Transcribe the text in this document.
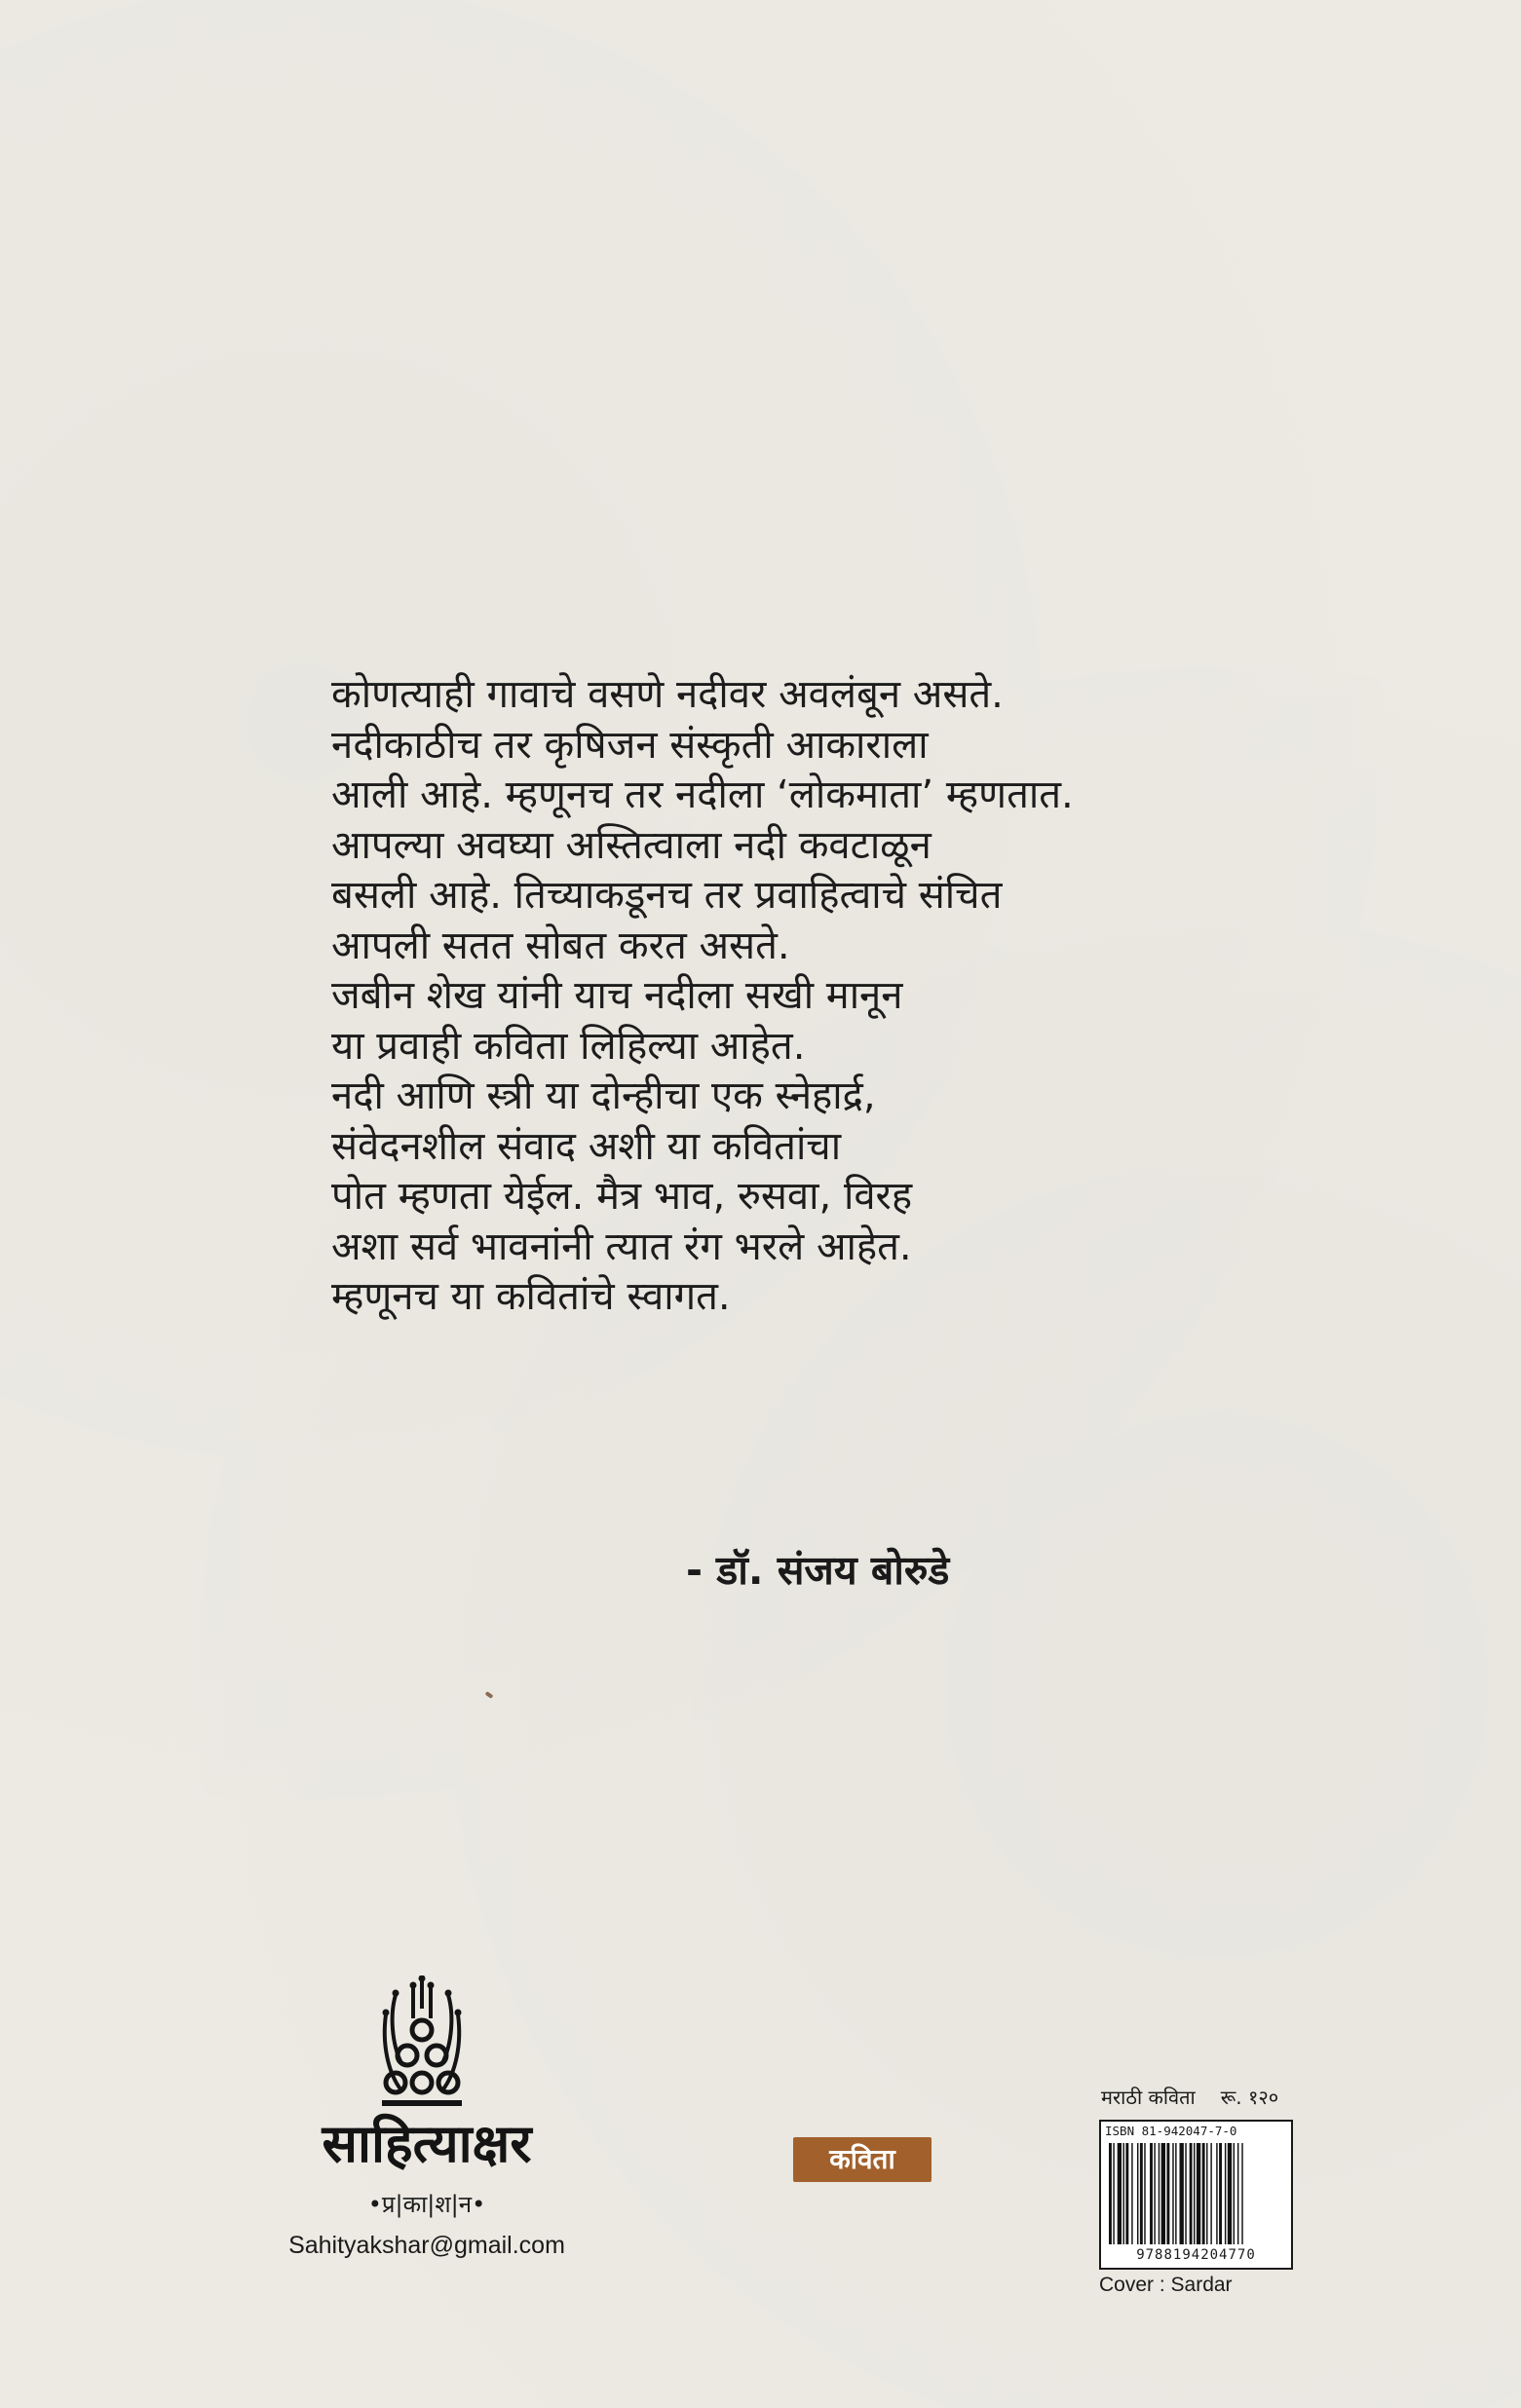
कोणत्याही गावाचे वसणे नदीवर अवलंबून असते.
नदीकाठीच तर कृषिजन संस्कृती आकाराला
आली आहे. म्हणूनच तर नदीला ‘लोकमाता’ म्हणतात.
आपल्या अवघ्या अस्तित्वाला नदी कवटाळून
बसली आहे. तिच्याकडूनच तर प्रवाहित्वाचे संचित
आपली सतत सोबत करत असते.
जबीन शेख यांनी याच नदीला सखी मानून
या प्रवाही कविता लिहिल्या आहेत.
नदी आणि स्त्री या दोन्हीचा एक स्नेहार्द्र,
संवेदनशील संवाद अशी या कवितांचा
पोत म्हणता येईल. मैत्र भाव, रुसवा, विरह
अशा सर्व भावनांनी त्यात रंग भरले आहेत.
म्हणूनच या कवितांचे स्वागत.
- डॉ. संजय बोरुडे
साहित्याक्षर
•प्र|का|श|न•
Sahityakshar@gmail.com
कविता
मराठी कविता रू. १२०
ISBN 81-942047-7-0
9788194204770
Cover : Sardar
